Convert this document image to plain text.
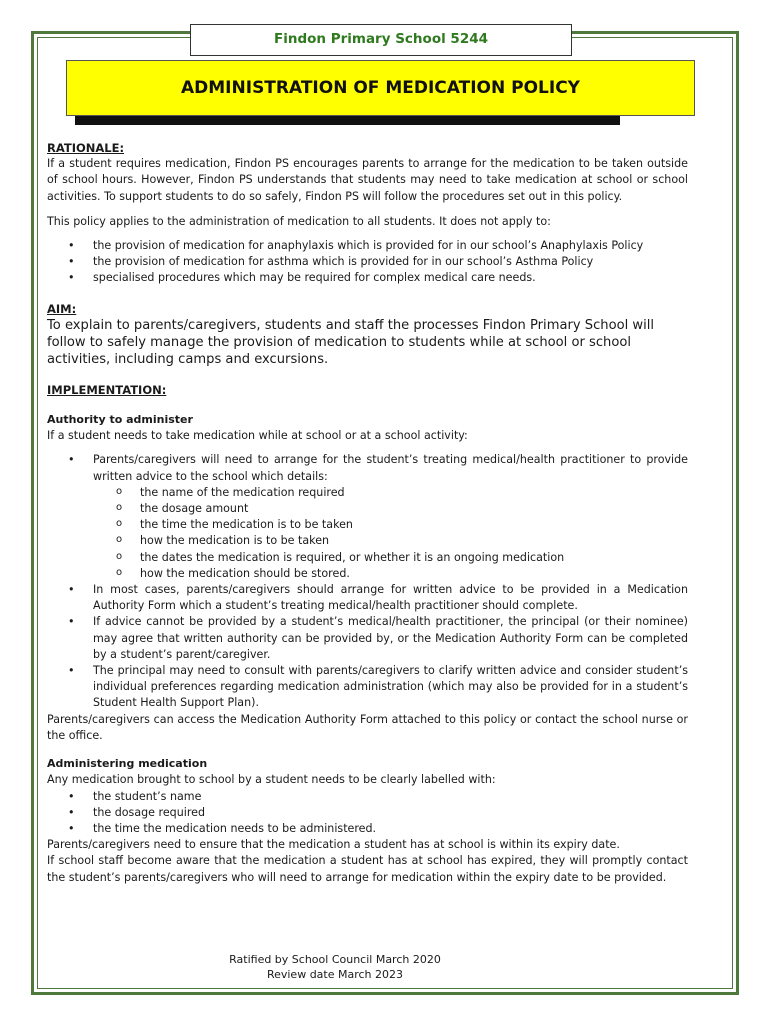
Findon Primary School 5244
ADMINISTRATION OF MEDICATION POLICY

RATIONALE:

If a student requires medication, Findon PS encourages parents to arrange for the medication to be taken outside of school hours. However, Findon PS understands that students may need to take medication at school or school activities. To support students to do so safely, Findon PS will follow the procedures set out in this policy.

This policy applies to the administration of medication to all students. It does not apply to:

• the provision of medication for anaphylaxis which is provided for in our school’s Anaphylaxis Policy
• the provision of medication for asthma which is provided for in our school’s Asthma Policy
• specialised procedures which may be required for complex medical care needs.

AIM:

To explain to parents/caregivers, students and staff the processes Findon Primary School will follow to safely manage the provision of medication to students while at school or school activities, including camps and excursions.

IMPLEMENTATION:

Authority to administer

If a student needs to take medication while at school or at a school activity:

• Parents/caregivers will need to arrange for the student’s treating medical/health practitioner to provide written advice to the school which details:
o the name of the medication required
o the dosage amount
o the time the medication is to be taken
o how the medication is to be taken
o the dates the medication is required, or whether it is an ongoing medication
o how the medication should be stored.
• In most cases, parents/caregivers should arrange for written advice to be provided in a Medication Authority Form which a student’s treating medical/health practitioner should complete.
• If advice cannot be provided by a student’s medical/health practitioner, the principal (or their nominee) may agree that written authority can be provided by, or the Medication Authority Form can be completed by a student’s parent/caregiver.
• The principal may need to consult with parents/caregivers to clarify written advice and consider student’s individual preferences regarding medication administration (which may also be provided for in a student’s Student Health Support Plan).

Parents/caregivers can access the Medication Authority Form attached to this policy or contact the school nurse or the office.

Administering medication

Any medication brought to school by a student needs to be clearly labelled with:

• the student’s name
• the dosage required
• the time the medication needs to be administered.

Parents/caregivers need to ensure that the medication a student has at school is within its expiry date.

If school staff become aware that the medication a student has at school has expired, they will promptly contact the student’s parents/caregivers who will need to arrange for medication within the expiry date to be provided.

Ratified by School Council March 2020
Review date March 2023
